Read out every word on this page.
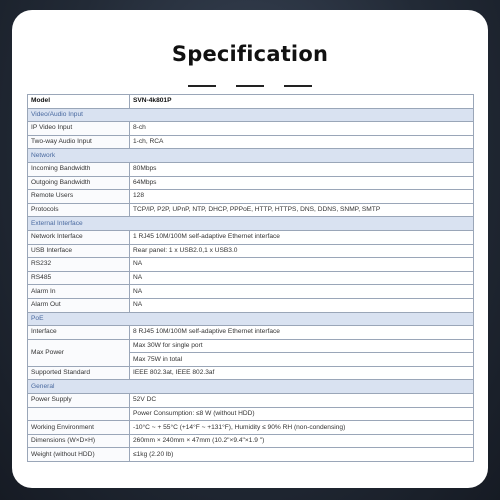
Specification
Model	SVN-4k801P
Video/Audio Input	
IP Video Input	8-ch
Two-way Audio Input	1-ch, RCA
Network	
Incoming Bandwidth	80Mbps
Outgoing Bandwidth	64Mbps
Remote Users	128
Protocols	TCP/IP, P2P, UPnP, NTP, DHCP, PPPoE, HTTP, HTTPS, DNS, DDNS, SNMP, SMTP
External Interface	
Network Interface	1 RJ45 10M/100M self-adaptive Ethernet interface
USB Interface	Rear panel: 1 x USB2.0,1 x USB3.0
RS232	NA
RS485	NA
Alarm In	NA
Alarm Out	NA
PoE	
Interface	8 RJ45 10M/100M self-adaptive Ethernet interface
Max Power	Max 30W for single port
	Max 75W in total
Supported Standard	IEEE 802.3at, IEEE 802.3af
General	
Power Supply	52V DC
	Power Consumption: ≤8 W (without HDD)
Working Environment	-10°C ~ + 55°C (+14°F ~ +131°F), Humidity ≤ 90% RH (non-condensing)
Dimensions (W×D×H)	260mm × 240mm × 47mm (10.2"×9.4"×1.9 ")
Weight (without HDD)	≤1kg (2.20 lb)
